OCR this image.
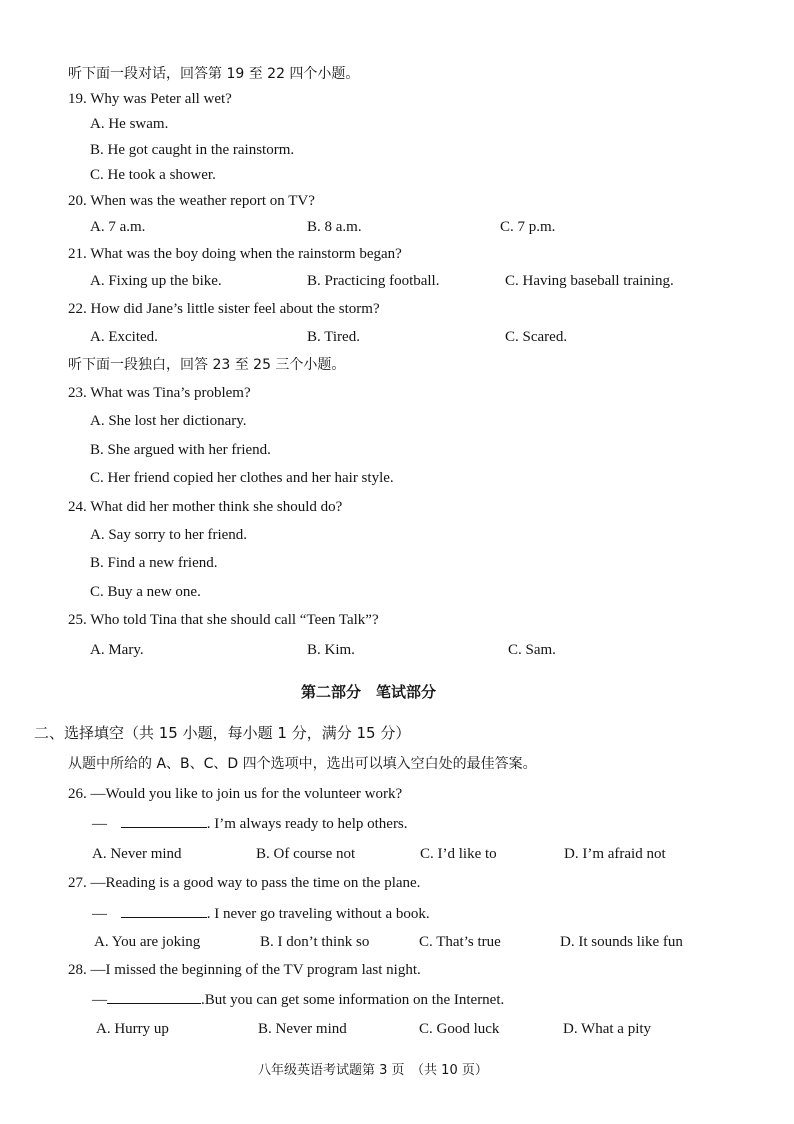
听下面一段对话，回答第 19 至 22 四个小题。
19. Why was Peter all wet?
A. He swam.
B. He got caught in the rainstorm.
C. He took a shower.
20. When was the weather report on TV?
A. 7 a.m.	B. 8 a.m.	C. 7 p.m.
21. What was the boy doing when the rainstorm began?
A. Fixing up the bike.	B. Practicing football.	C. Having baseball training.
22. How did Jane’s little sister feel about the storm?
A. Excited.	B. Tired.	C. Scared.
听下面一段独白，回答 23 至 25 三个小题。
23. What was Tina’s problem?
A. She lost her dictionary.
B. She argued with her friend.
C. Her friend copied her clothes and her hair style.
24. What did her mother think she should do?
A. Say sorry to her friend.
B. Find a new friend.
C. Buy a new one.
25. Who told Tina that she should call “Teen Talk”?
A. Mary.	B. Kim.	C. Sam.
第二部分　笔试部分
二、选择填空（共 15 小题，每小题 1 分，满分 15 分）
从题中所给的 A、B、C、D 四个选项中，选出可以填入空白处的最佳答案。
26. —Would you like to join us for the volunteer work?
—	. I’m always ready to help others.
A. Never mind	B. Of course not	C. I’d like to	D. I’m afraid not
27. —Reading is a good way to pass the time on the plane.
—	. I never go traveling without a book.
A. You are joking	B. I don’t think so	C. That’s true	D. It sounds like fun
28. —I missed the beginning of the TV program last night.
—	.But you can get some information on the Internet.
A. Hurry up	B. Never mind	C. Good luck	D. What a pity
八年级英语考试题第 3 页　（共 10 页）
